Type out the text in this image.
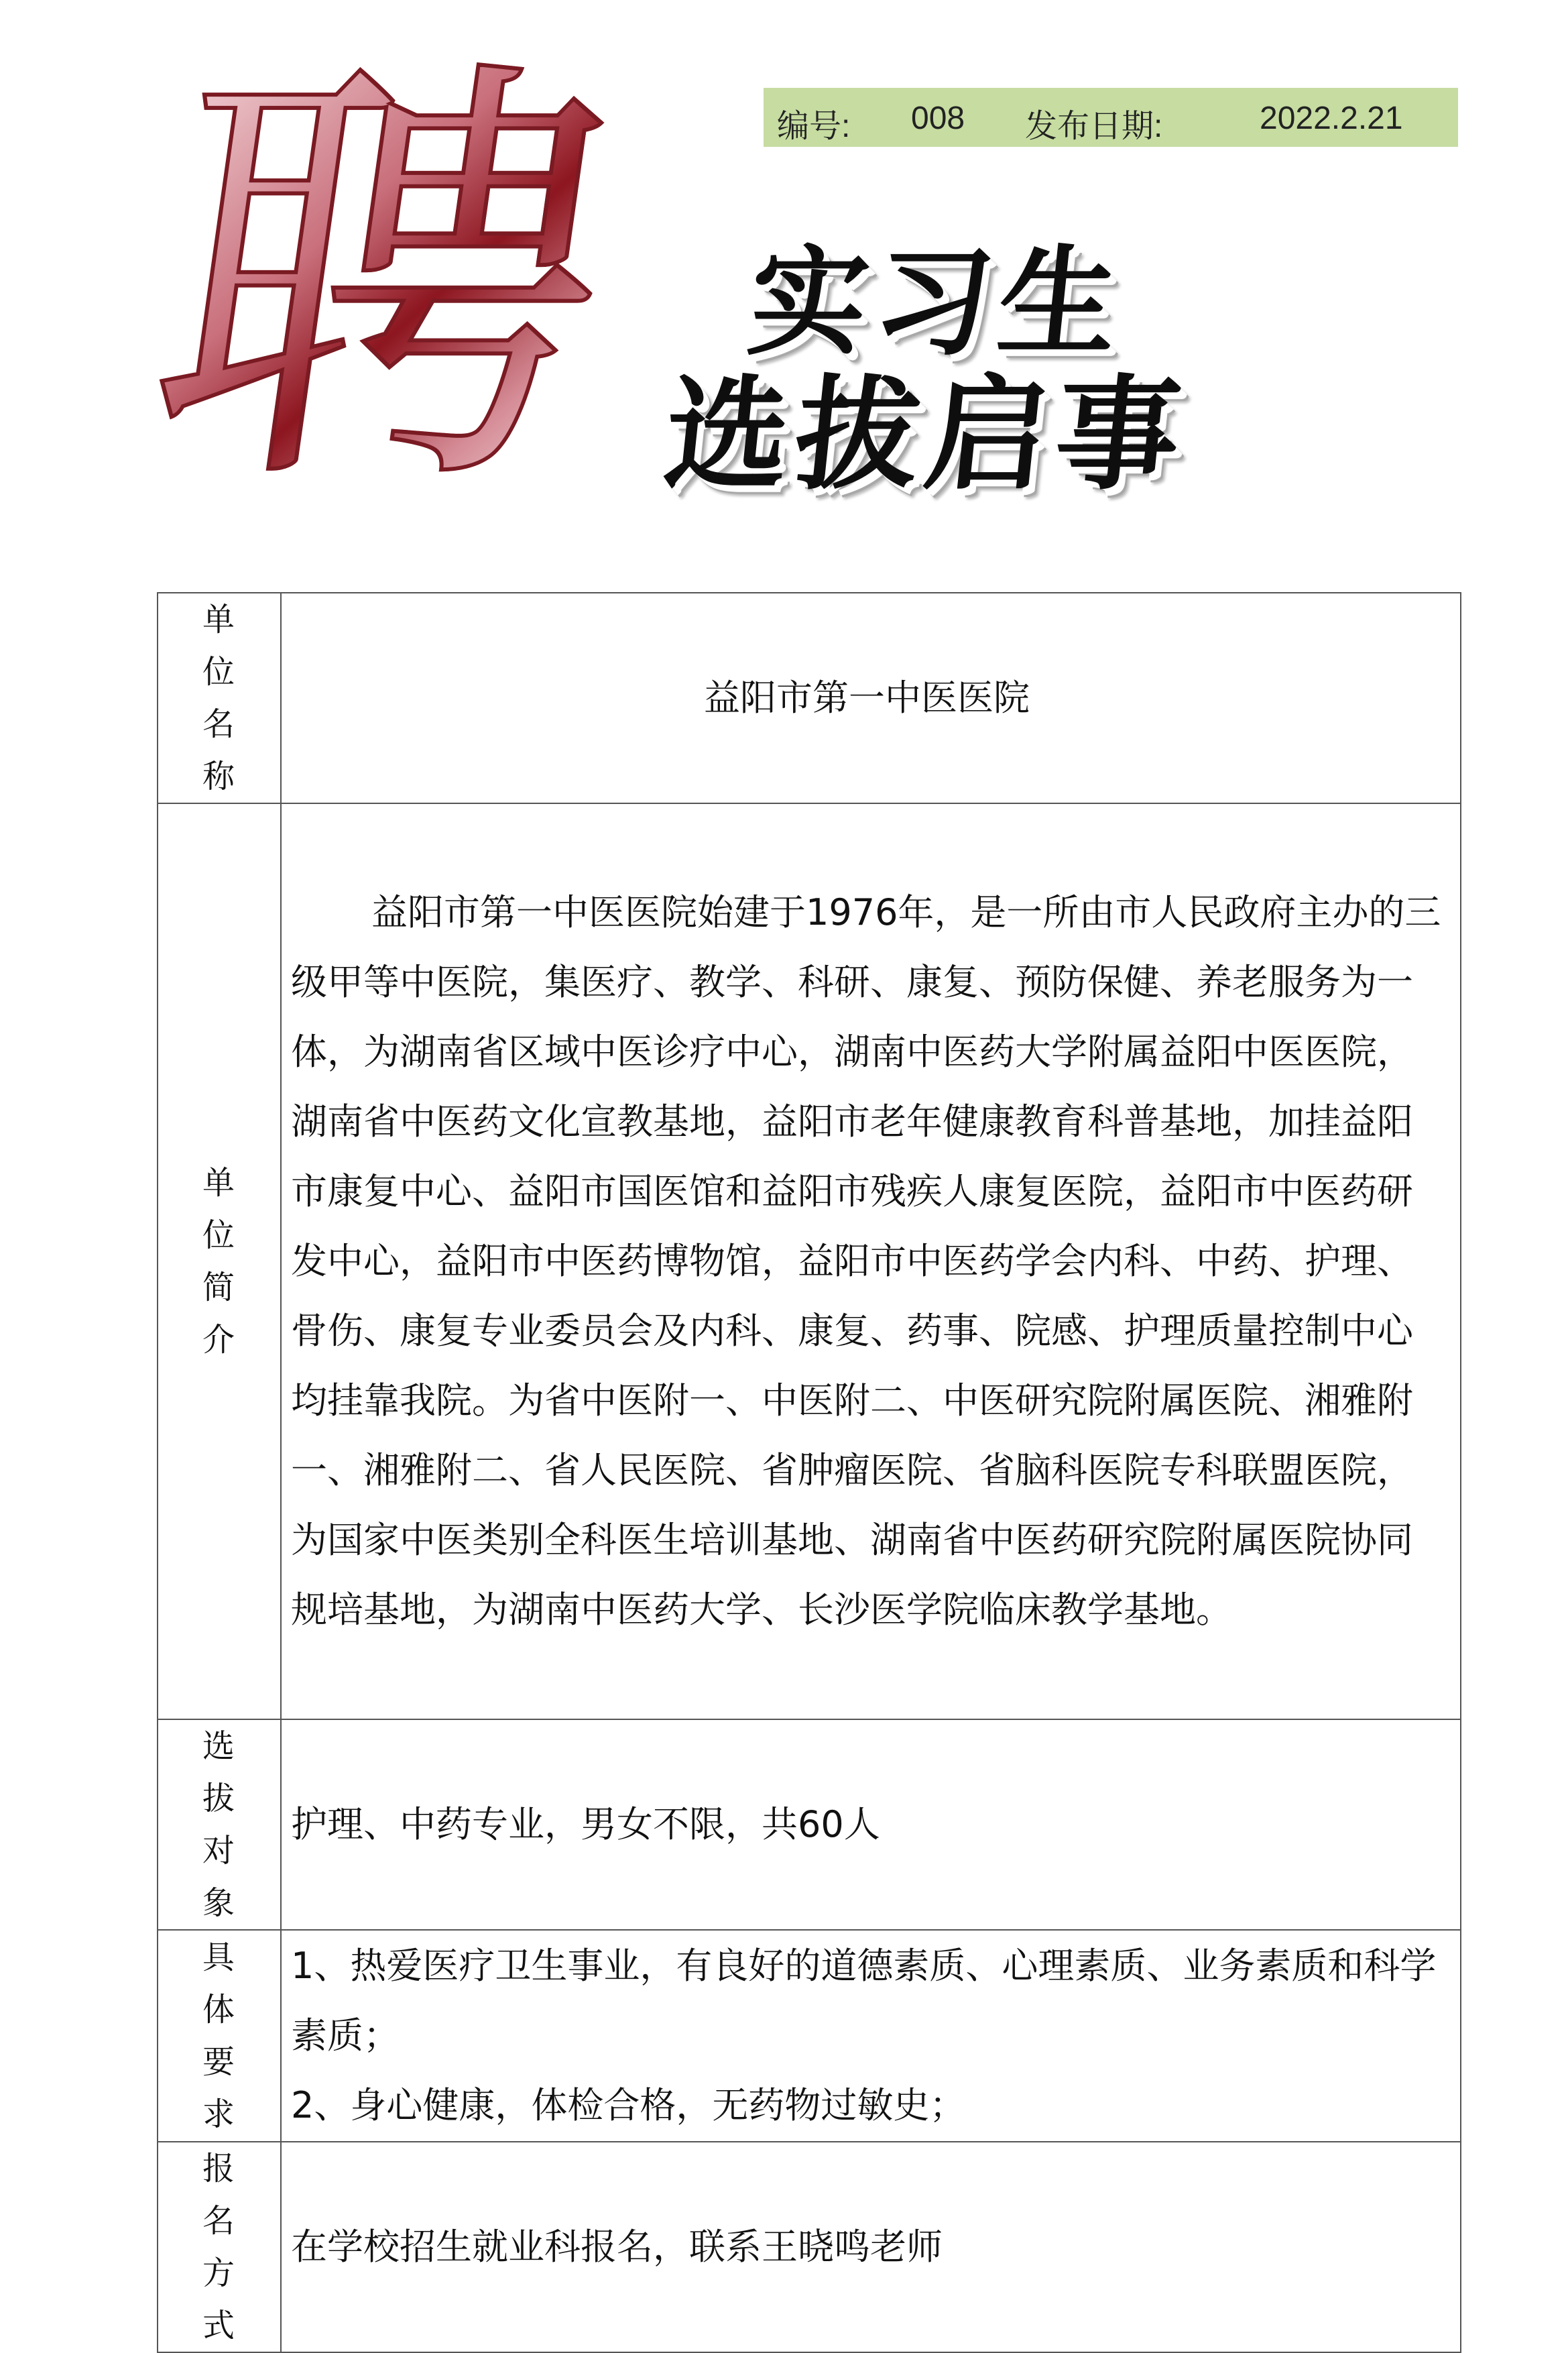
编号: 008 发布日期:	2022.2.21
聘 实习生
选拔启事
单位名称	益阳市第一中医医院
单位简介	益阳市第一中医医院始建于1976年，是一所由市人民政府主办的三级甲等中医院，集医疗、教学、科研、康复、预防保健、养老服务为一体，为湖南省区域中医诊疗中心，湖南中医药大学附属益阳中医医院，湖南省中医药文化宣教基地，益阳市老年健康教育科普基地，加挂益阳市康复中心、益阳市国医馆和益阳市残疾人康复医院，益阳市中医药研发中心，益阳市中医药博物馆，益阳市中医药学会内科、中药、护理、骨伤、康复专业委员会及内科、康复、药事、院感、护理质量控制中心均挂靠我院。为省中医附一、中医附二、中医研究院附属医院、湘雅附一、湘雅附二、省人民医院、省肿瘤医院、省脑科医院专科联盟医院，为国家中医类别全科医生培训基地、湖南省中医药研究院附属医院协同规培基地，为湖南中医药大学、长沙医学院临床教学基地。
选拔对象	护理、中药专业，男女不限，共60人
具体要求	1、热爱医疗卫生事业，有良好的道德素质、心理素质、业务素质和科学素质；
2、身心健康，体检合格，无药物过敏史；

报名方式	在学校招生就业科报名，联系王晓鸣老师
